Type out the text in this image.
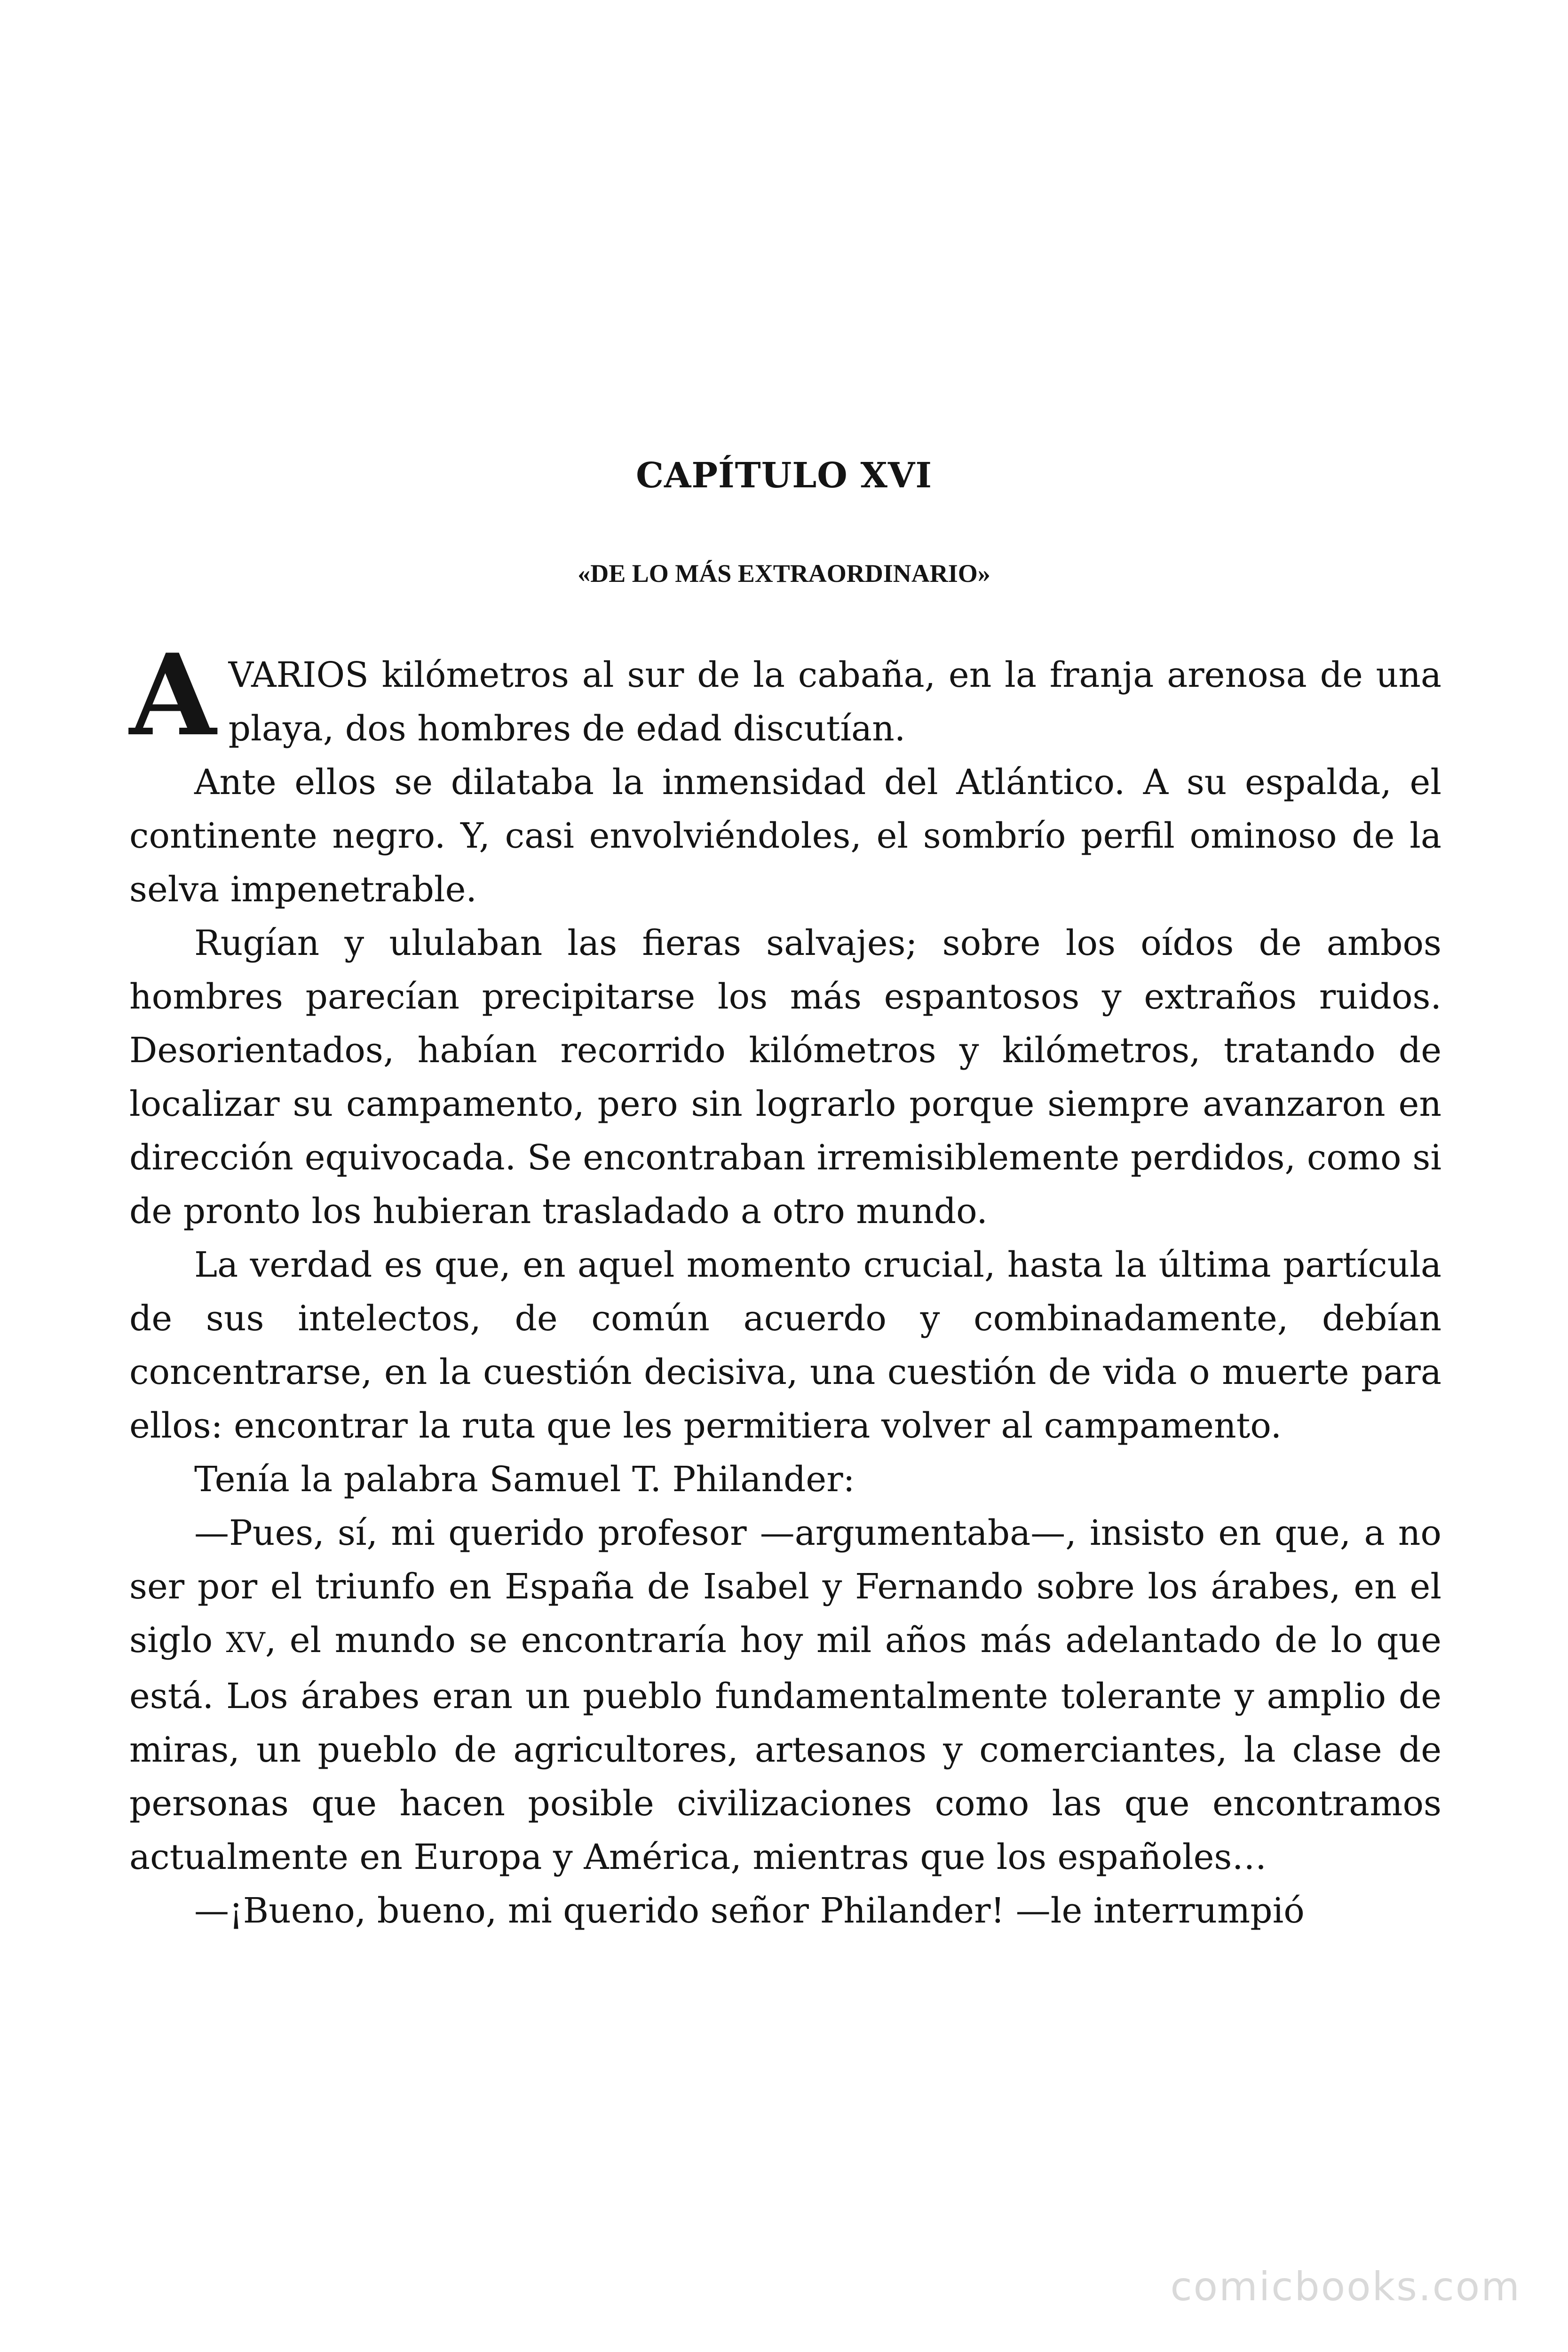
CAPÍTULO XVI
«DE LO MÁS EXTRAORDINARIO»

A VARIOS kilómetros al sur de la cabaña, en la franja arenosa de una playa, dos hombres de edad discutían.

Ante ellos se dilataba la inmensidad del Atlántico. A su espalda, el continente negro. Y, casi envolviéndoles, el sombrío perfil ominoso de la selva impenetrable.

Rugían y ululaban las fieras salvajes; sobre los oídos de ambos hombres parecían precipitarse los más espantosos y extraños ruidos. Desorientados, habían recorrido kilómetros y kilómetros, tratando de localizar su campamento, pero sin lograrlo porque siempre avanzaron en dirección equivocada. Se encontraban irremisiblemente perdidos, como si de pronto los hubieran trasladado a otro mundo.

La verdad es que, en aquel momento crucial, hasta la última partícula de sus intelectos, de común acuerdo y combinadamente, debían concentrarse, en la cuestión decisiva, una cuestión de vida o muerte para ellos: encontrar la ruta que les permitiera volver al campamento.

Tenía la palabra Samuel T. Philander:

—Pues, sí, mi querido profesor —argumentaba—, insisto en que, a no ser por el triunfo en España de Isabel y Fernando sobre los árabes, en el siglo XV, el mundo se encontraría hoy mil años más adelantado de lo que está. Los árabes eran un pueblo fundamentalmente tolerante y amplio de miras, un pueblo de agricultores, artesanos y comerciantes, la clase de personas que hacen posible civilizaciones como las que encontramos actualmente en Europa y América, mientras que los españoles…

—¡Bueno, bueno, mi querido señor Philander! —le interrumpió

comicbooks.com
